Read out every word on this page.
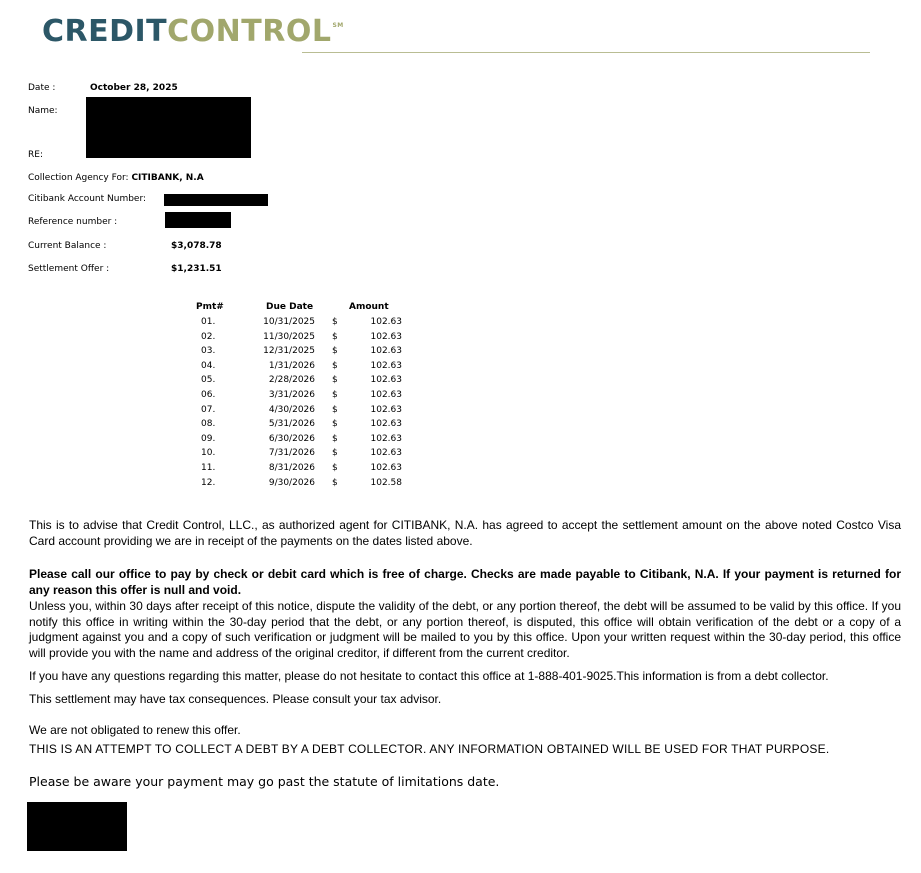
CREDITCONTROL℠
Date :	October 28, 2025
Name:
RE:
Collection Agency For: CITIBANK, N.A
Citibank Account Number:
Reference number :
Current Balance :	$3,078.78
Settlement Offer :	$1,231.51
Pmt#	Due Date	Amount
01.	10/31/2025 $	102.63
02.	11/30/2025 $	102.63
03.	12/31/2025 $	102.63
04.	1/31/2026 $	102.63
05.	2/28/2026 $	102.63
06.	3/31/2026 $	102.63
07.	4/30/2026 $	102.63
08.	5/31/2026 $	102.63
09.	6/30/2026 $	102.63
10.	7/31/2026 $	102.63
11.	8/31/2026 $	102.63
12.	9/30/2026 $	102.58
This is to advise that Credit Control, LLC., as authorized agent for CITIBANK, N.A. has agreed to accept the settlement amount on the above noted Costco Visa Card account providing we are in receipt of the payments on the dates listed above.
Please call our office to pay by check or debit card which is free of charge. Checks are made payable to Citibank, N.A. If your payment is returned for any reason this offer is null and void.
Unless you, within 30 days after receipt of this notice, dispute the validity of the debt, or any portion thereof, the debt will be assumed to be valid by this office. If you notify this office in writing within the 30-day period that the debt, or any portion thereof, is disputed, this office will obtain verification of the debt or a copy of a judgment against you and a copy of such verification or judgment will be mailed to you by this office. Upon your written request within the 30-day period, this office will provide you with the name and address of the original creditor, if different from the current creditor.
If you have any questions regarding this matter, please do not hesitate to contact this office at 1-888-401-9025.This information is from a debt collector.
This settlement may have tax consequences. Please consult your tax advisor.
We are not obligated to renew this offer.
THIS IS AN ATTEMPT TO COLLECT A DEBT BY A DEBT COLLECTOR. ANY INFORMATION OBTAINED WILL BE USED FOR THAT PURPOSE.
Please be aware your payment may go past the statute of limitations date.
